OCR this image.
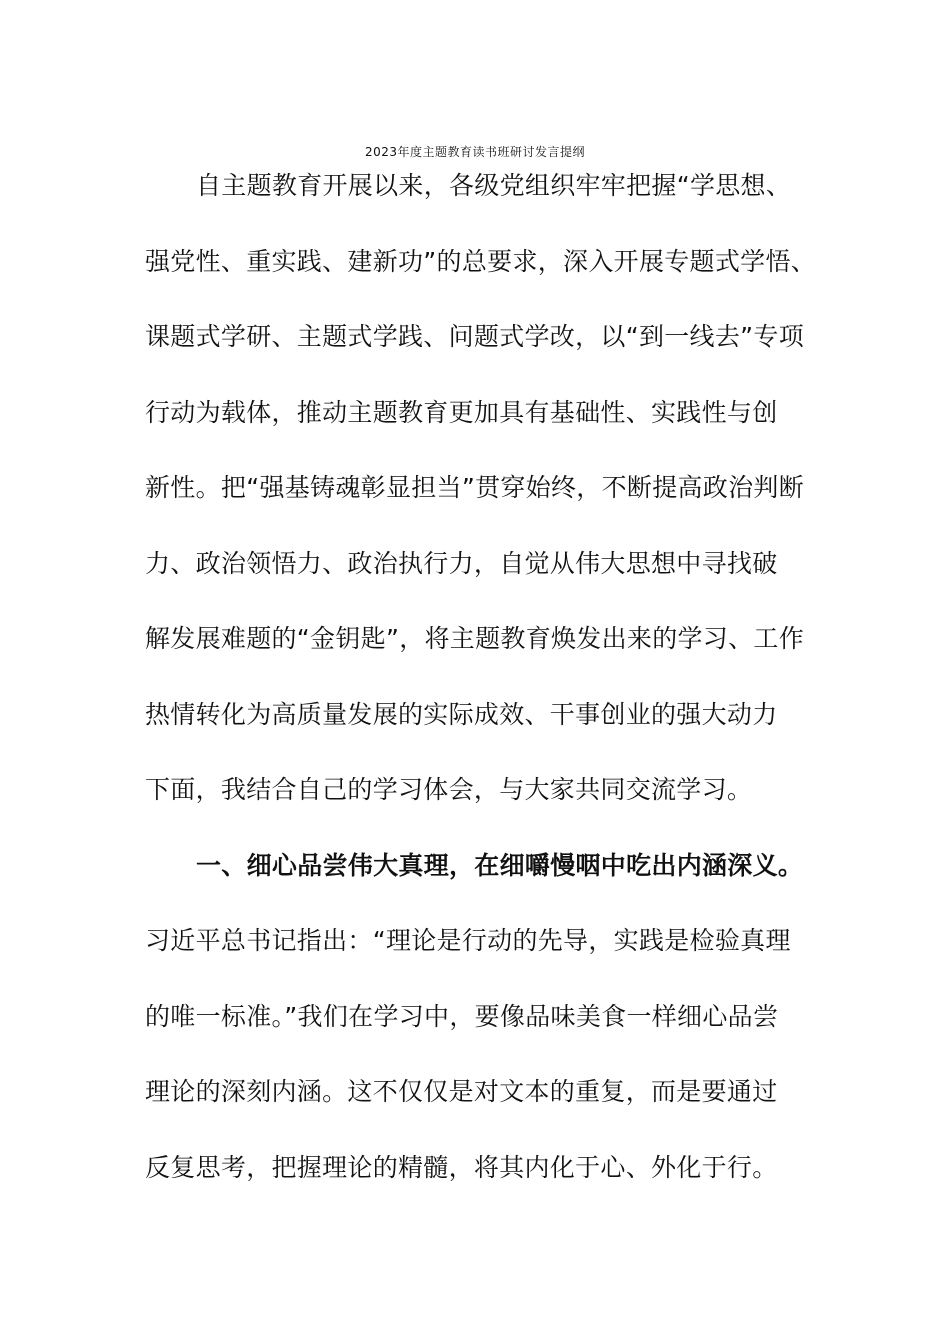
2023年度主题教育读书班研讨发言提纲
自主题教育开展以来，各级党组织牢牢把握“学思想、
强党性、重实践、建新功”的总要求，深入开展专题式学悟、
课题式学研、主题式学践、问题式学改，以“到一线去”专项
行动为载体，推动主题教育更加具有基础性、实践性与创
新性。把“强基铸魂彰显担当”贯穿始终，不断提高政治判断
力、政治领悟力、政治执行力，自觉从伟大思想中寻找破
解发展难题的“金钥匙”，将主题教育焕发出来的学习、工作
热情转化为高质量发展的实际成效、干事创业的强大动力
下面，我结合自己的学习体会，与大家共同交流学习。
一、细心品尝伟大真理，在细嚼慢咽中吃出内涵深义。
习近平总书记指出：“理论是行动的先导，实践是检验真理
的唯一标准。”我们在学习中，要像品味美食一样细心品尝
理论的深刻内涵。这不仅仅是对文本的重复，而是要通过
反复思考，把握理论的精髓，将其内化于心、外化于行。
